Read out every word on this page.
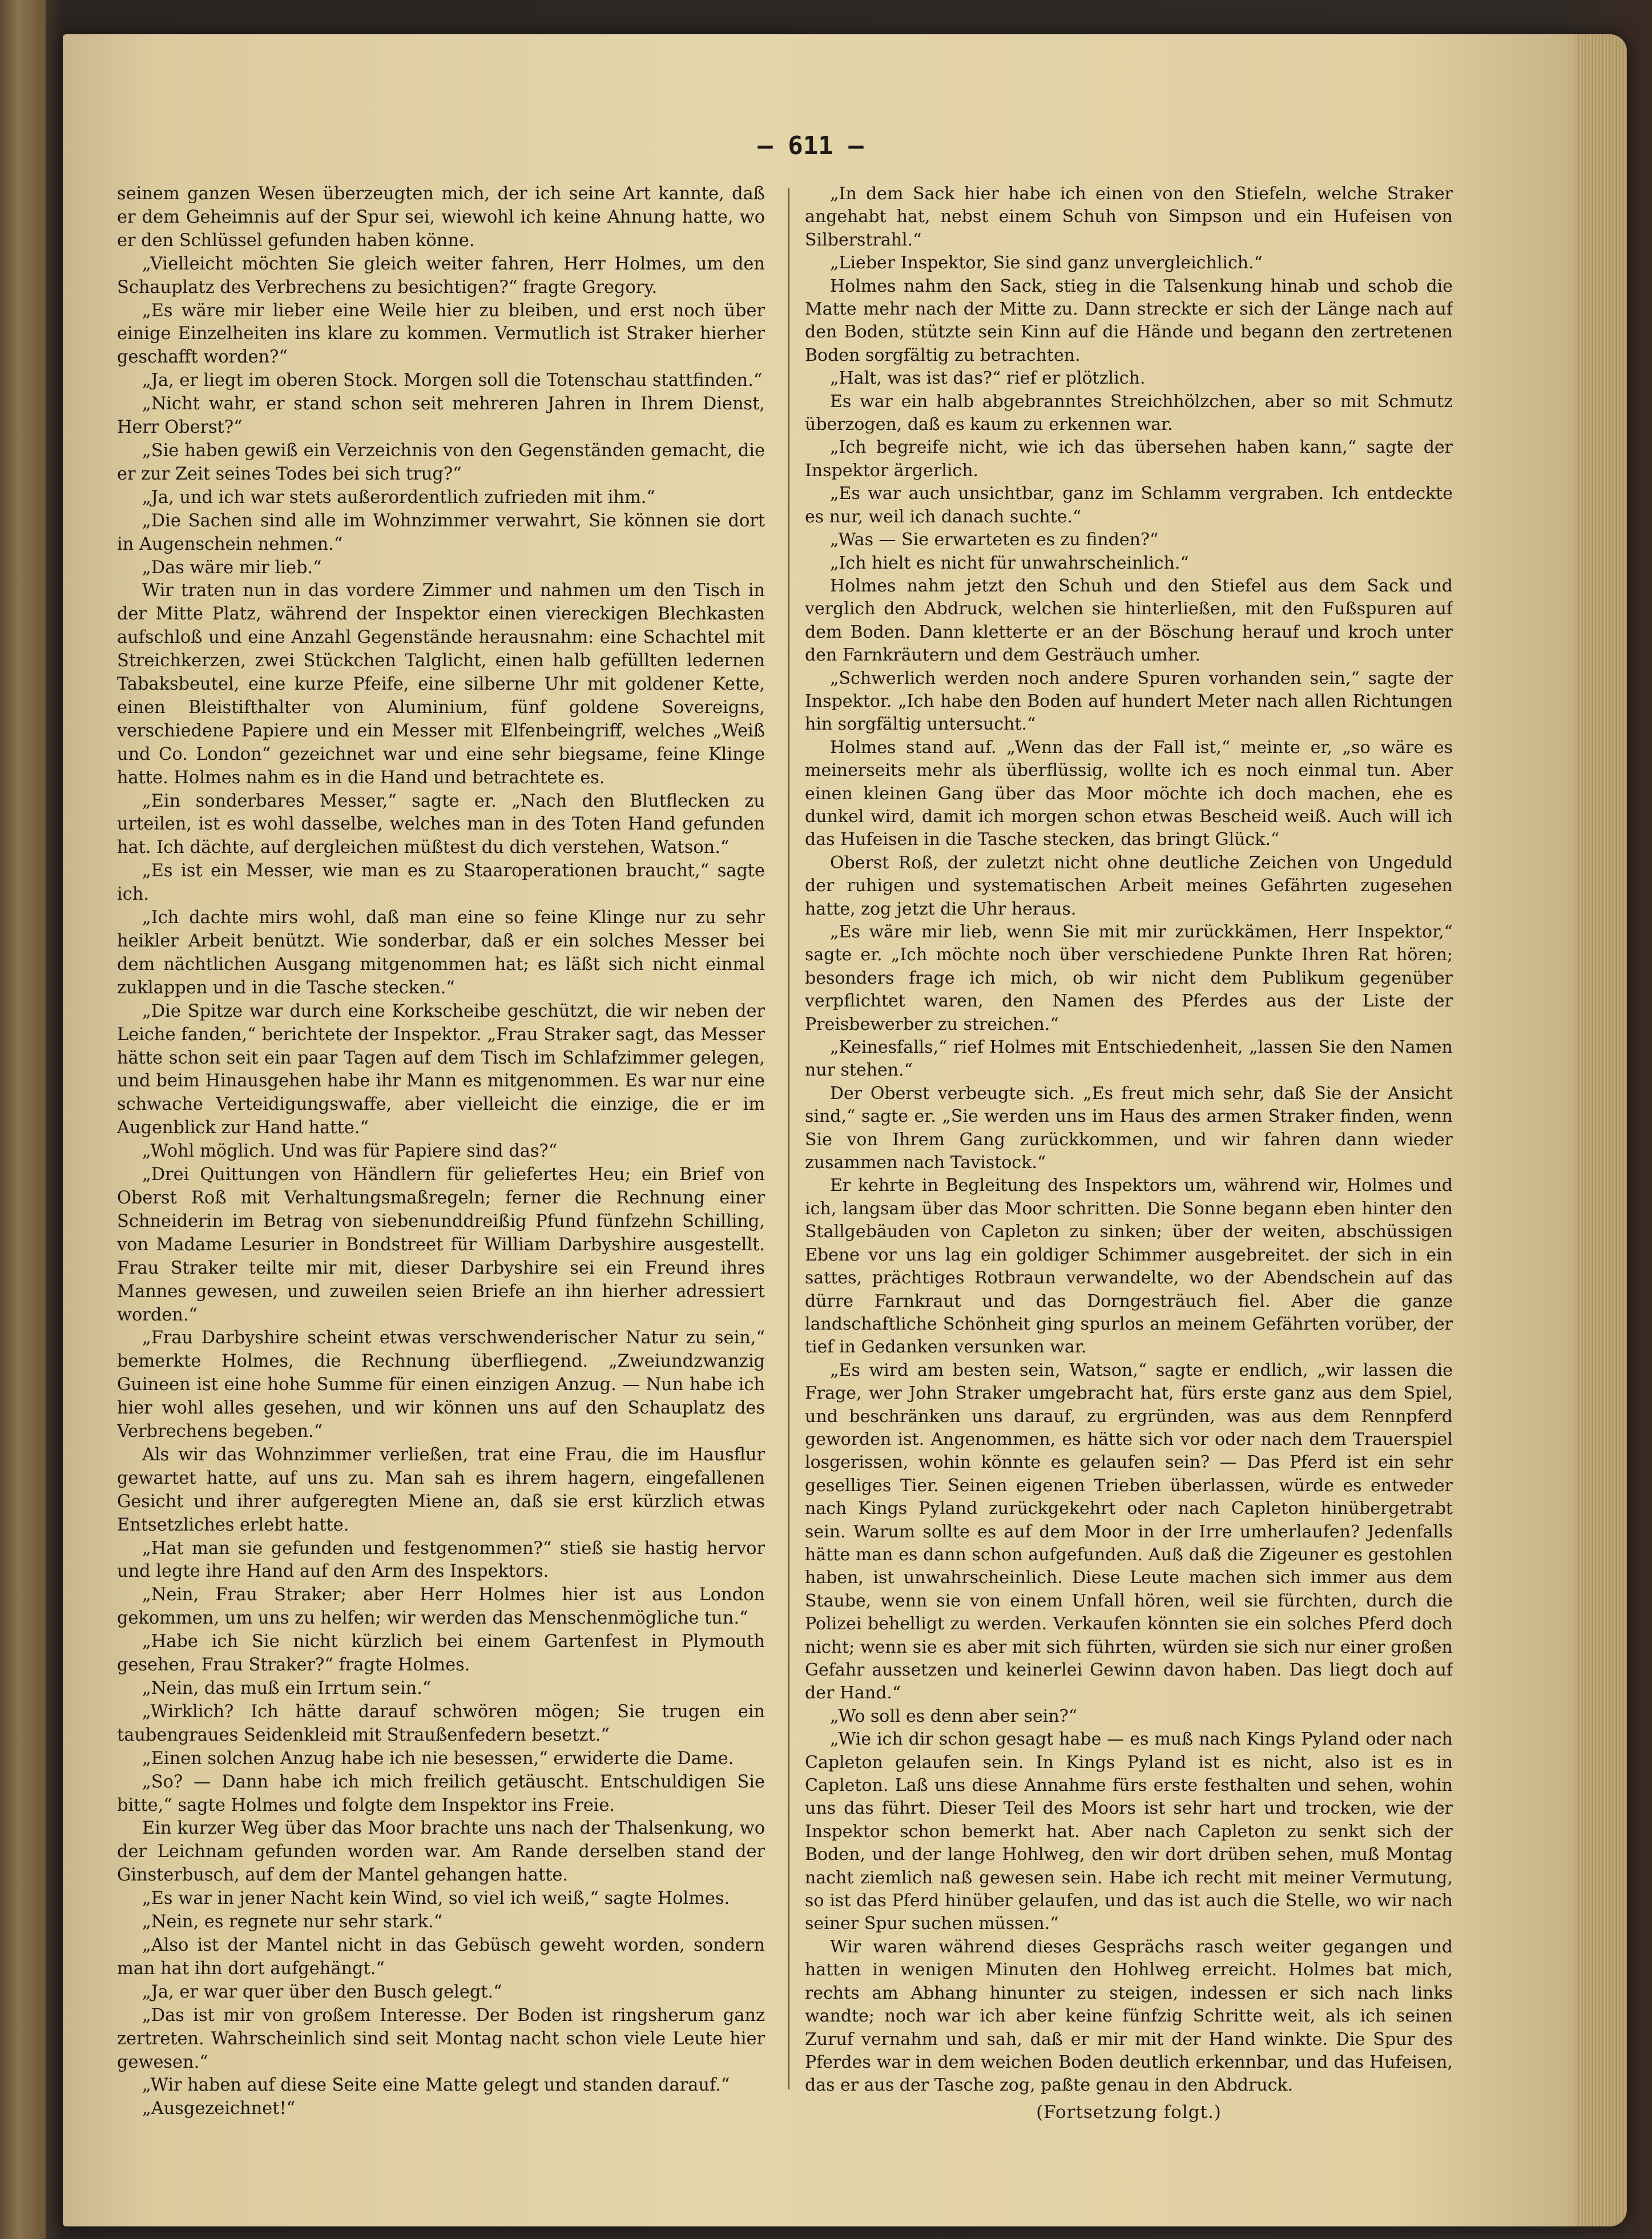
— 611 —

seinem ganzen Wesen überzeugten mich, der ich seine Art kannte, daß er dem Geheimnis auf der Spur sei, wiewohl ich keine Ahnung hatte, wo er den Schlüssel gefunden haben könne.

„Vielleicht möchten Sie gleich weiter fahren, Herr Holmes, um den Schauplatz des Verbrechens zu besichtigen?“ fragte Gregory.

„Es wäre mir lieber eine Weile hier zu bleiben, und erst noch über einige Einzelheiten ins klare zu kommen. Vermutlich ist Straker hierher geschafft worden?“

„Ja, er liegt im oberen Stock. Morgen soll die Totenschau stattfinden.“

„Nicht wahr, er stand schon seit mehreren Jahren in Ihrem Dienst, Herr Oberst?“

„Sie haben gewiß ein Verzeichnis von den Gegenständen gemacht, die er zur Zeit seines Todes bei sich trug?“

„Ja, und ich war stets außerordentlich zufrieden mit ihm.“

„Die Sachen sind alle im Wohnzimmer verwahrt, Sie können sie dort in Augenschein nehmen.“

„Das wäre mir lieb.“

Wir traten nun in das vordere Zimmer und nahmen um den Tisch in der Mitte Platz, während der Inspektor einen viereckigen Blechkasten aufschloß und eine Anzahl Gegenstände herausnahm: eine Schachtel mit Streichkerzen, zwei Stückchen Talglicht, einen halb gefüllten ledernen Tabaksbeutel, eine kurze Pfeife, eine silberne Uhr mit goldener Kette, einen Bleistifthalter von Aluminium, fünf goldene Sovereigns, verschiedene Papiere und ein Messer mit Elfenbeingriff, welches „Weiß und Co. London“ gezeichnet war und eine sehr biegsame, feine Klinge hatte. Holmes nahm es in die Hand und betrachtete es.

„Ein sonderbares Messer,“ sagte er. „Nach den Blutflecken zu urteilen, ist es wohl dasselbe, welches man in des Toten Hand gefunden hat. Ich dächte, auf dergleichen müßtest du dich verstehen, Watson.“

„Es ist ein Messer, wie man es zu Staaroperationen braucht,“ sagte ich.

„Ich dachte mirs wohl, daß man eine so feine Klinge nur zu sehr heikler Arbeit benützt. Wie sonderbar, daß er ein solches Messer bei dem nächtlichen Ausgang mitgenommen hat; es läßt sich nicht einmal zuklappen und in die Tasche stecken.“

„Die Spitze war durch eine Korkscheibe geschützt, die wir neben der Leiche fanden,“ berichtete der Inspektor. „Frau Straker sagt, das Messer hätte schon seit ein paar Tagen auf dem Tisch im Schlafzimmer gelegen, und beim Hinausgehen habe ihr Mann es mitgenommen. Es war nur eine schwache Verteidigungswaffe, aber vielleicht die einzige, die er im Augenblick zur Hand hatte.“

„Wohl möglich. Und was für Papiere sind das?“

„Drei Quittungen von Händlern für geliefertes Heu; ein Brief von Oberst Roß mit Verhaltungsmaßregeln; ferner die Rechnung einer Schneiderin im Betrag von siebenunddreißig Pfund fünfzehn Schilling, von Madame Lesurier in Bondstreet für William Darbyshire ausgestellt. Frau Straker teilte mir mit, dieser Darbyshire sei ein Freund ihres Mannes gewesen, und zuweilen seien Briefe an ihn hierher adressiert worden.“

„Frau Darbyshire scheint etwas verschwenderischer Natur zu sein,“ bemerkte Holmes, die Rechnung überfliegend. „Zweiundzwanzig Guineen ist eine hohe Summe für einen einzigen Anzug. — Nun habe ich hier wohl alles gesehen, und wir können uns auf den Schauplatz des Verbrechens begeben.“

Als wir das Wohnzimmer verließen, trat eine Frau, die im Hausflur gewartet hatte, auf uns zu. Man sah es ihrem hagern, eingefallenen Gesicht und ihrer aufgeregten Miene an, daß sie erst kürzlich etwas Entsetzliches erlebt hatte.

„Hat man sie gefunden und festgenommen?“ stieß sie hastig hervor und legte ihre Hand auf den Arm des Inspektors.

„Nein, Frau Straker; aber Herr Holmes hier ist aus London gekommen, um uns zu helfen; wir werden das Menschenmögliche tun.“

„Habe ich Sie nicht kürzlich bei einem Gartenfest in Plymouth gesehen, Frau Straker?“ fragte Holmes.

„Nein, das muß ein Irrtum sein.“

„Wirklich? Ich hätte darauf schwören mögen; Sie trugen ein taubengraues Seidenkleid mit Straußenfedern besetzt.“

„Einen solchen Anzug habe ich nie besessen,“ erwiderte die Dame.

„So? — Dann habe ich mich freilich getäuscht. Entschuldigen Sie bitte,“ sagte Holmes und folgte dem Inspektor ins Freie.

Ein kurzer Weg über das Moor brachte uns nach der Thalsenkung, wo der Leichnam gefunden worden war. Am Rande derselben stand der Ginsterbusch, auf dem der Mantel gehangen hatte.

„Es war in jener Nacht kein Wind, so viel ich weiß,“ sagte Holmes.

„Nein, es regnete nur sehr stark.“

„Also ist der Mantel nicht in das Gebüsch geweht worden, sondern man hat ihn dort aufgehängt.“

„Ja, er war quer über den Busch gelegt.“

„Das ist mir von großem Interesse. Der Boden ist ringsherum ganz zertreten. Wahrscheinlich sind seit Montag nacht schon viele Leute hier gewesen.“

„Wir haben auf diese Seite eine Matte gelegt und standen darauf.“

„Ausgezeichnet!“

„In dem Sack hier habe ich einen von den Stiefeln, welche Straker angehabt hat, nebst einem Schuh von Simpson und ein Hufeisen von Silberstrahl.“

„Lieber Inspektor, Sie sind ganz unvergleichlich.“

Holmes nahm den Sack, stieg in die Talsenkung hinab und schob die Matte mehr nach der Mitte zu. Dann streckte er sich der Länge nach auf den Boden, stützte sein Kinn auf die Hände und begann den zertretenen Boden sorgfältig zu betrachten.

„Halt, was ist das?“ rief er plötzlich.

Es war ein halb abgebranntes Streichhölzchen, aber so mit Schmutz überzogen, daß es kaum zu erkennen war.

„Ich begreife nicht, wie ich das übersehen haben kann,“ sagte der Inspektor ärgerlich.

„Es war auch unsichtbar, ganz im Schlamm vergraben. Ich entdeckte es nur, weil ich danach suchte.“

„Was — Sie erwarteten es zu finden?“

„Ich hielt es nicht für unwahrscheinlich.“

Holmes nahm jetzt den Schuh und den Stiefel aus dem Sack und verglich den Abdruck, welchen sie hinterließen, mit den Fußspuren auf dem Boden. Dann kletterte er an der Böschung herauf und kroch unter den Farnkräutern und dem Gesträuch umher.

„Schwerlich werden noch andere Spuren vorhanden sein,“ sagte der Inspektor. „Ich habe den Boden auf hundert Meter nach allen Richtungen hin sorgfältig untersucht.“

Holmes stand auf. „Wenn das der Fall ist,“ meinte er, „so wäre es meinerseits mehr als überflüssig, wollte ich es noch einmal tun. Aber einen kleinen Gang über das Moor möchte ich doch machen, ehe es dunkel wird, damit ich morgen schon etwas Bescheid weiß. Auch will ich das Hufeisen in die Tasche stecken, das bringt Glück.“

Oberst Roß, der zuletzt nicht ohne deutliche Zeichen von Ungeduld der ruhigen und systematischen Arbeit meines Gefährten zugesehen hatte, zog jetzt die Uhr heraus.

„Es wäre mir lieb, wenn Sie mit mir zurückkämen, Herr Inspektor,“ sagte er. „Ich möchte noch über verschiedene Punkte Ihren Rat hören; besonders frage ich mich, ob wir nicht dem Publikum gegenüber verpflichtet waren, den Namen des Pferdes aus der Liste der Preisbewerber zu streichen.“

„Keinesfalls,“ rief Holmes mit Entschiedenheit, „lassen Sie den Namen nur stehen.“

Der Oberst verbeugte sich. „Es freut mich sehr, daß Sie der Ansicht sind,“ sagte er. „Sie werden uns im Haus des armen Straker finden, wenn Sie von Ihrem Gang zurückkommen, und wir fahren dann wieder zusammen nach Tavistock.“

Er kehrte in Begleitung des Inspektors um, während wir, Holmes und ich, langsam über das Moor schritten. Die Sonne begann eben hinter den Stallgebäuden von Capleton zu sinken; über der weiten, abschüssigen Ebene vor uns lag ein goldiger Schimmer ausgebreitet. der sich in ein sattes, prächtiges Rotbraun verwandelte, wo der Abendschein auf das dürre Farnkraut und das Dorngesträuch fiel. Aber die ganze landschaftliche Schönheit ging spurlos an meinem Gefährten vorüber, der tief in Gedanken versunken war.

„Es wird am besten sein, Watson,“ sagte er endlich, „wir lassen die Frage, wer John Straker umgebracht hat, fürs erste ganz aus dem Spiel, und beschränken uns darauf, zu ergründen, was aus dem Rennpferd geworden ist. Angenommen, es hätte sich vor oder nach dem Trauerspiel losgerissen, wohin könnte es gelaufen sein? — Das Pferd ist ein sehr geselliges Tier. Seinen eigenen Trieben überlassen, würde es entweder nach Kings Pyland zurückgekehrt oder nach Capleton hinübergetrabt sein. Warum sollte es auf dem Moor in der Irre umherlaufen? Jedenfalls hätte man es dann schon aufgefunden. Auß daß die Zigeuner es gestohlen haben, ist unwahrscheinlich. Diese Leute machen sich immer aus dem Staube, wenn sie von einem Unfall hören, weil sie fürchten, durch die Polizei behelligt zu werden. Verkaufen könnten sie ein solches Pferd doch nicht; wenn sie es aber mit sich führten, würden sie sich nur einer großen Gefahr aussetzen und keinerlei Gewinn davon haben. Das liegt doch auf der Hand.“

„Wo soll es denn aber sein?“

„Wie ich dir schon gesagt habe — es muß nach Kings Pyland oder nach Capleton gelaufen sein. In Kings Pyland ist es nicht, also ist es in Capleton. Laß uns diese Annahme fürs erste festhalten und sehen, wohin uns das führt. Dieser Teil des Moors ist sehr hart und trocken, wie der Inspektor schon bemerkt hat. Aber nach Capleton zu senkt sich der Boden, und der lange Hohlweg, den wir dort drüben sehen, muß Montag nacht ziemlich naß gewesen sein. Habe ich recht mit meiner Vermutung, so ist das Pferd hinüber gelaufen, und das ist auch die Stelle, wo wir nach seiner Spur suchen müssen.“

Wir waren während dieses Gesprächs rasch weiter gegangen und hatten in wenigen Minuten den Hohlweg erreicht. Holmes bat mich, rechts am Abhang hinunter zu steigen, indessen er sich nach links wandte; noch war ich aber keine fünfzig Schritte weit, als ich seinen Zuruf vernahm und sah, daß er mir mit der Hand winkte. Die Spur des Pferdes war in dem weichen Boden deutlich erkennbar, und das Hufeisen, das er aus der Tasche zog, paßte genau in den Abdruck.

(Fortsetzung folgt.)
